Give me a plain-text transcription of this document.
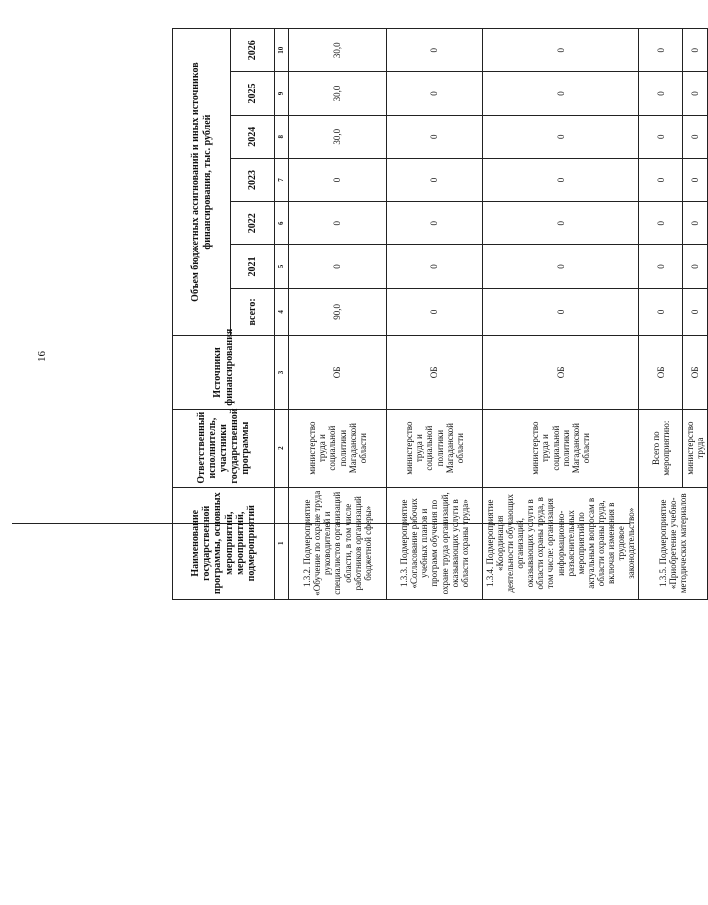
16
Наименование государственной программы, основных мероприятий, мероприятий, подмероприятий	Ответственный исполнитель, участники государственной программы	Источники финансирования	Объем бюджетных ассигнований и иных источников финансирования, тыс. рублей						
			всего:	2021	2022	2023	2024	2025	2026
1	2	3	4	5	6	7	8	9	10
1.3.2. Подмероприятие «Обучение по охране труда руководителей и специалистов организаций области, в том числе работников организаций бюджетной сферы»	министерство труда и социальной политики Магаданской области	ОБ	90,0	0	0	0	30,0	30,0	30,0
1.3.3. Подмероприятие «Согласование рабочих учебных планов и программ обучения по охране труда организаций, оказывающих услуги в области охраны труда»	министерство труда и социальной политики Магаданской области	ОБ	0	0	0	0	0	0	0
1.3.4. Подмероприятие «Координация деятельности обучающих организаций, оказывающих услуги в области охраны труда, в том числе: организация информационно-разъяснительных мероприятий по актуальным вопросам в области охраны труда, включая изменения в трудовое законодательство»	министерство труда и социальной политики Магаданской области	ОБ	0	0	0	0	0	0	0
1.3.5. Подмероприятие «Приобретение учебно-методических материалов	Всего по мероприятию:	ОБ	0	0	0	0	0	0	0
	министерство труда	ОБ	0	0	0	0	0	0	0
